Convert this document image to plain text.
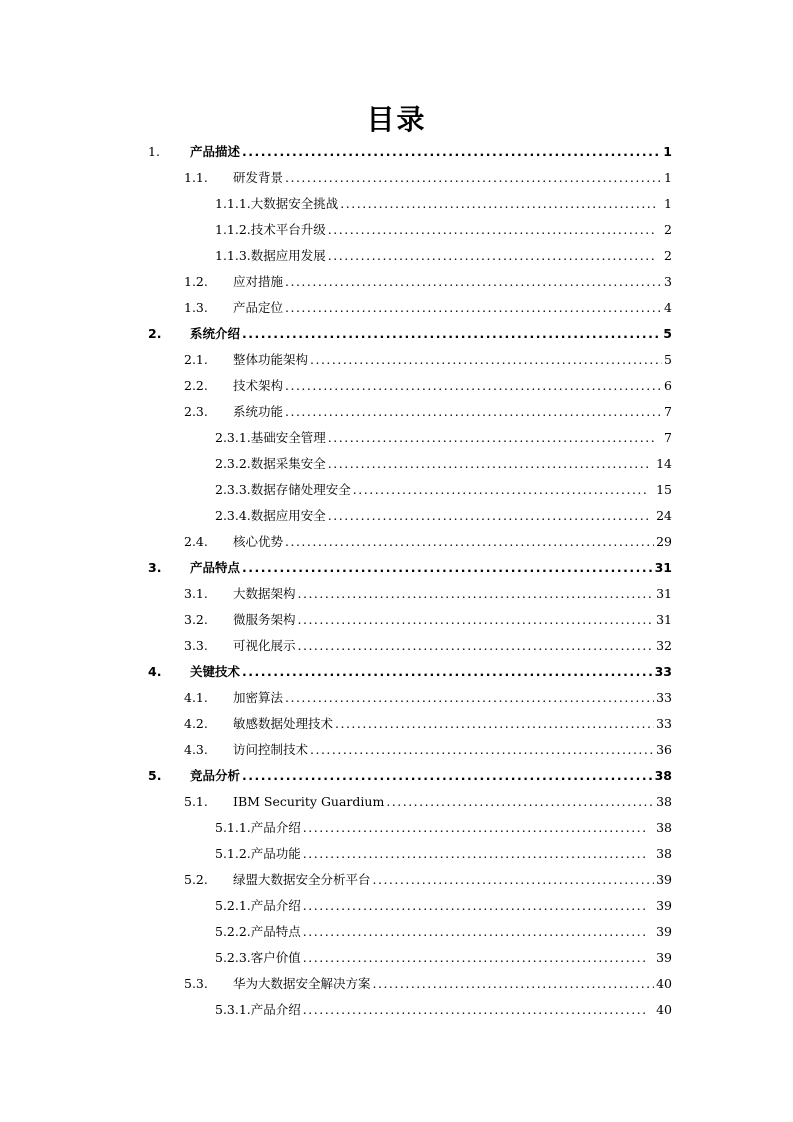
目录
1.	产品描述 .....	1
1.1.	研发背景 .....	1
1.1.1. 大数据安全挑战 .....	1
1.1.2. 技术平台升级 .....	2
1.1.3. 数据应用发展 .....	2
1.2.	应对措施 .....	3
1.3.	产品定位 .....	4
2.	系统介绍 .....	5
2.1.	整体功能架构 .....	5
2.2.	技术架构 .....	6
2.3.	系统功能 .....	7
2.3.1. 基础安全管理 .....	7
2.3.2. 数据采集安全 .....	14
2.3.3. 数据存储处理安全 .....	15
2.3.4. 数据应用安全 .....	24
2.4.	核心优势 .....	29
3.	产品特点 .....	31
3.1.	大数据架构 .....	31
3.2.	微服务架构 .....	31
3.3.	可视化展示 .....	32
4.	关键技术 .....	33
4.1.	加密算法 .....	33
4.2.	敏感数据处理技术 .....	33
4.3.	访问控制技术 .....	36
5.	竞品分析 .....	38
5.1.	IBM Security Guardium .....	38
5.1.1. 产品介绍 .....	38
5.1.2. 产品功能 .....	38
5.2.	绿盟大数据安全分析平台 .....	39
5.2.1. 产品介绍 .....	39
5.2.2. 产品特点 .....	39
5.2.3. 客户价值 .....	39
5.3.	华为大数据安全解决方案 .....	40
5.3.1. 产品介绍 .....	40
